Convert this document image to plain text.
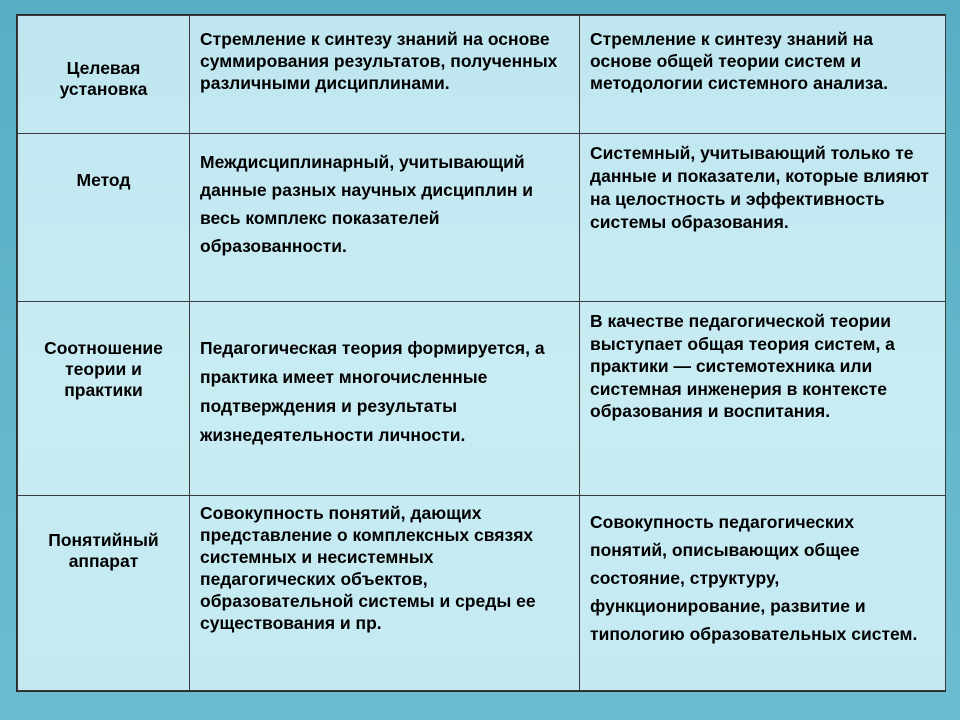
Целевая установка	Стремление к синтезу знаний на основе суммирования результатов, полученных различными дисциплинами.	Стремление к синтезу знаний на основе общей теории систем и методологии системного анализа.

Метод	Междисциплинарный, учитывающий данные разных научных дисциплин и весь комплекс показателей образованности.	Системный, учитывающий только те данные и показатели, которые влияют на целостность и эффективность системы образования.

Соотношение теории и практики	Педагогическая теория формируется, а практика имеет многочисленные подтверждения и результаты жизнедеятельности личности.	В качестве педагогической теории выступает общая теория систем, а практики — системотехника или системная инженерия в контексте образования и воспитания.

Понятийный аппарат	Совокупность понятий, дающих представление о комплексных связях системных и несистемных педагогических объектов, образовательной системы и среды ее существования и пр.	Совокупность педагогических понятий, описывающих общее состояние, структуру, функционирование, развитие и типологию образовательных систем.
